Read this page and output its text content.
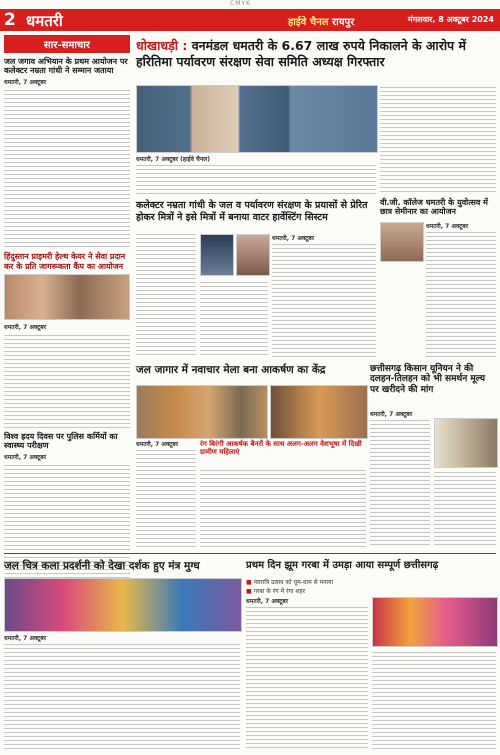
CMYK
2 धमतरी	हाईवे चैनल रायपुर	मंगलवार, 8 अक्टूबर 2024
सार-समाचार
जल जगाव अभियान के प्रथम आयोजन पर कलेक्टर नम्रता गांधी ने सम्मान जताया
धमतरी, 7 अक्टूबर
हिंदुस्तान प्राइमरी हेल्थ केयर ने सेवा प्रदान कर के प्रति जागरूकता कैंप का आयोजन
धमतरी, 7 अक्टूबर
विश्व ह्रदय दिवस पर पुलिस कर्मियों का स्वास्थ्य परीक्षण
धमतरी, 7 अक्टूबर
धोखाधड़ी : वनमंडल धमतरी के 6.67 लाख रुपये निकालने के आरोप में हरितिमा पर्यावरण संरक्षण सेवा समिति अध्यक्ष गिरफ्तार
धमतरी, 7 अक्टूबर (हाईवे चैनल)
वी.जी. कॉलेज धमतरी के युवोत्सव में छात्र सेमीनार का आयोजन
धमतरी, 7 अक्टूबर
कलेक्टर नम्रता गांधी के जल व पर्यावरण संरक्षण के प्रयासों से प्रेरित होकर मित्रों ने इसे मित्रों में बनाया वाटर हार्वेस्टिंग सिस्टम
धमतरी, 7 अक्टूबर
जल जागार में नवाचार मेला बना आकर्षण का केंद्र
रंग बिरंगी आकर्षक बैनरों के साथ अलग-अलग वेशभूषा में दिखी ग्रामीण महिलाएं
धमतरी, 7 अक्टूबर
छत्तीसगढ़ किसान यूनियन ने की दलहन-तिलहन को भी समर्थन मूल्य पर खरीदने की मांग
धमतरी, 7 अक्टूबर
जल चित्र कला प्रदर्शनी को देखा दर्शक हुए मंत्र मुग्ध
धमतरी, 7 अक्टूबर
प्रथम दिन झूम गरबा में उमड़ा आया सम्पूर्ण छत्तीसगढ़
■ नवरात्रि उत्सव को धूम-धाम से मनाया
■ गरबा के रंग में रंगा शहर
धमतरी, 7 अक्टूबर
